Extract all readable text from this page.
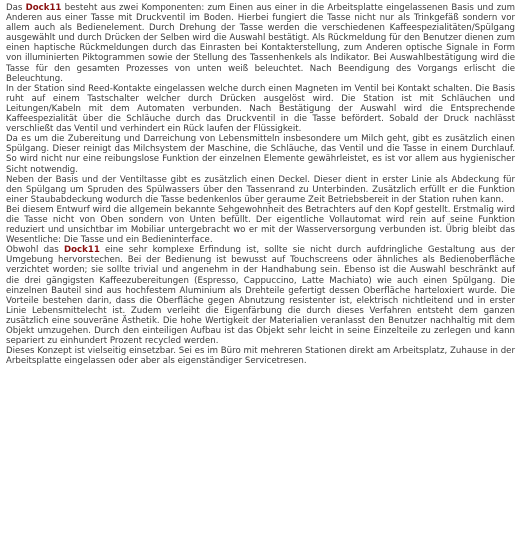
Das Dock11 besteht aus zwei Komponenten: zum Einen aus einer in die Arbeitsplatte eingelassenen Basis und zum Anderen aus einer Tasse mit Druckventil im Boden. Hierbei fungiert die Tasse nicht nur als Trinkgefäß sondern vor allem auch als Bedienelement. Durch Drehung der Tasse werden die verschiedenen Kaffeespezialitäten/Spülgang ausgewählt und durch Drücken der Selben wird die Auswahl bestätigt. Als Rückmeldung für den Benutzer dienen zum einen haptische Rückmeldungen durch das Einrasten bei Kontakterstellung, zum Anderen optische Signale in Form von illuminierten Piktogrammen sowie der Stellung des Tassenhenkels als Indikator. Bei Auswahlbestätigung wird die Tasse für den gesamten Prozesses von unten weiß beleuchtet. Nach Beendigung des Vorgangs erlischt die Beleuchtung.

In der Station sind Reed-Kontakte eingelassen welche durch einen Magneten im Ventil bei Kontakt schalten. Die Basis ruht auf einem Tastschalter welcher durch Drücken ausgelöst wird. Die Station ist mit Schläuchen und Leitungen/Kabeln mit dem Automaten verbunden. Nach Bestätigung der Auswahl wird die Entsprechende Kaffeespezialität über die Schläuche durch das Druckventil in die Tasse befördert. Sobald der Druck nachlässt verschließt das Ventil und verhindert ein Rück laufen der Flüssigkeit.

Da es um die Zubereitung und Darreichung von Lebensmitteln insbesondere um Milch geht, gibt es zusätzlich einen Spülgang. Dieser reinigt das Milchsystem der Maschine, die Schläuche, das Ventil und die Tasse in einem Durchlauf. So wird nicht nur eine reibungslose Funktion der einzelnen Elemente gewährleistet, es ist vor allem aus hygienischer Sicht notwendig.

Neben der Basis und der Ventiltasse gibt es zusätzlich einen Deckel. Dieser dient in erster Linie als Abdeckung für den Spülgang um Spruden des Spülwassers über den Tassenrand zu Unterbinden. Zusätzlich erfüllt er die Funktion einer Staubabdeckung wodurch die Tasse bedenkenlos über geraume Zeit Betriebsbereit in der Station ruhen kann.

Bei diesem Entwurf wird die allgemein bekannte Sehgewohnheit des Betrachters auf den Kopf gestellt. Erstmalig wird die Tasse nicht von Oben sondern von Unten befüllt. Der eigentliche Vollautomat wird rein auf seine Funktion reduziert und unsichtbar im Mobiliar untergebracht wo er mit der Wasserversorgung verbunden ist. Übrig bleibt das Wesentliche: Die Tasse und ein Bedieninterface.

Obwohl das Dock11 eine sehr komplexe Erfindung ist, sollte sie nicht durch aufdringliche Gestaltung aus der Umgebung hervorstechen. Bei der Bedienung ist bewusst auf Touchscreens oder ähnliches als Bedienoberfläche verzichtet worden; sie sollte trivial und angenehm in der Handhabung sein. Ebenso ist die Auswahl beschränkt auf die drei gängigsten Kaffeezubereitungen (Espresso, Cappuccino, Latte Machiato) wie auch einen Spülgang. Die einzelnen Bauteil sind aus hochfestem Aluminium als Drehteile gefertigt dessen Oberfläche harteloxiert wurde. Die Vorteile bestehen darin, dass die Oberfläche gegen Abnutzung resistenter ist, elektrisch nichtleitend und in erster Linie Lebensmittelecht ist. Zudem verleiht die Eigenfärbung die durch dieses Verfahren entsteht dem ganzen zusätzlich eine souveräne Ästhetik. Die hohe Wertigkeit der Materialien veranlasst den Benutzer nachhaltig mit dem Objekt umzugehen. Durch den einteiligen Aufbau ist das Objekt sehr leicht in seine Einzelteile zu zerlegen und kann separiert zu einhundert Prozent recycled werden.

Dieses Konzept ist vielseitig einsetzbar. Sei es im Büro mit mehreren Stationen direkt am Arbeitsplatz, Zuhause in der Arbeitsplatte eingelassen oder aber als eigenständiger Servicetresen.
